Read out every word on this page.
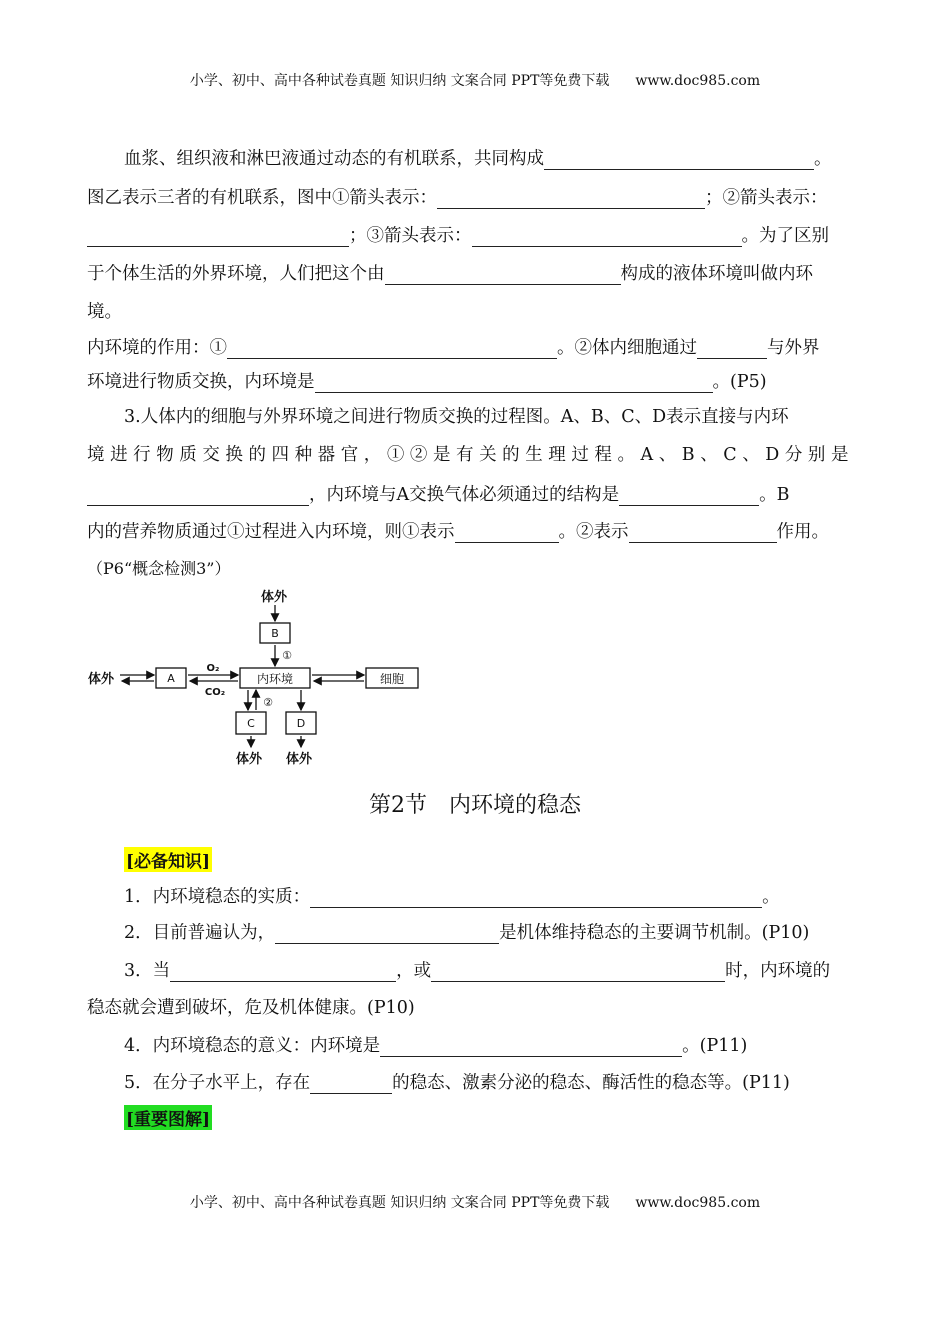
小学、初中、高中各种试卷真题 知识归纳 文案合同 PPT等免费下载 www.doc985.com
血浆、组织液和淋巴液通过动态的有机联系，共同构成	。
图乙表示三者的有机联系，图中①箭头表示：	；②箭头表示：
；③箭头表示：	。为了区别
于个体生活的外界环境，人们把这个由	构成的液体环境叫做内环
境。
内环境的作用：①	。②体内细胞通过	与外界
环境进行物质交换，内环境是	。(P5)
3.人体内的细胞与外界环境之间进行物质交换的过程图。A、B、C、D表示直接与内环
境 进 行 物 质 交 换 的 四 种 器 官 ， ① ② 是 有 关 的 生 理 过 程 。 A 、 B 、 C 、 D 分 别 是
，内环境与A交换气体必须通过的结构是	。B
内的营养物质通过①过程进入内环境，则①表示	。②表示	作用。
（P6“概念检测3”）
体外
体外
体外 体外
A
B
C	D
内环境	细胞
O₂
CO₂
①
②
第2节　内环境的稳态
[必备知识]
1．内环境稳态的实质：	。
2．目前普遍认为，	是机体维持稳态的主要调节机制。(P10)
3．当	，或	时，内环境的
稳态就会遭到破坏，危及机体健康。(P10)
4．内环境稳态的意义：内环境是	。(P11)
5．在分子水平上，存在	的稳态、激素分泌的稳态、酶活性的稳态等。(P11)
[重要图解]
小学、初中、高中各种试卷真题 知识归纳 文案合同 PPT等免费下载 www.doc985.com
